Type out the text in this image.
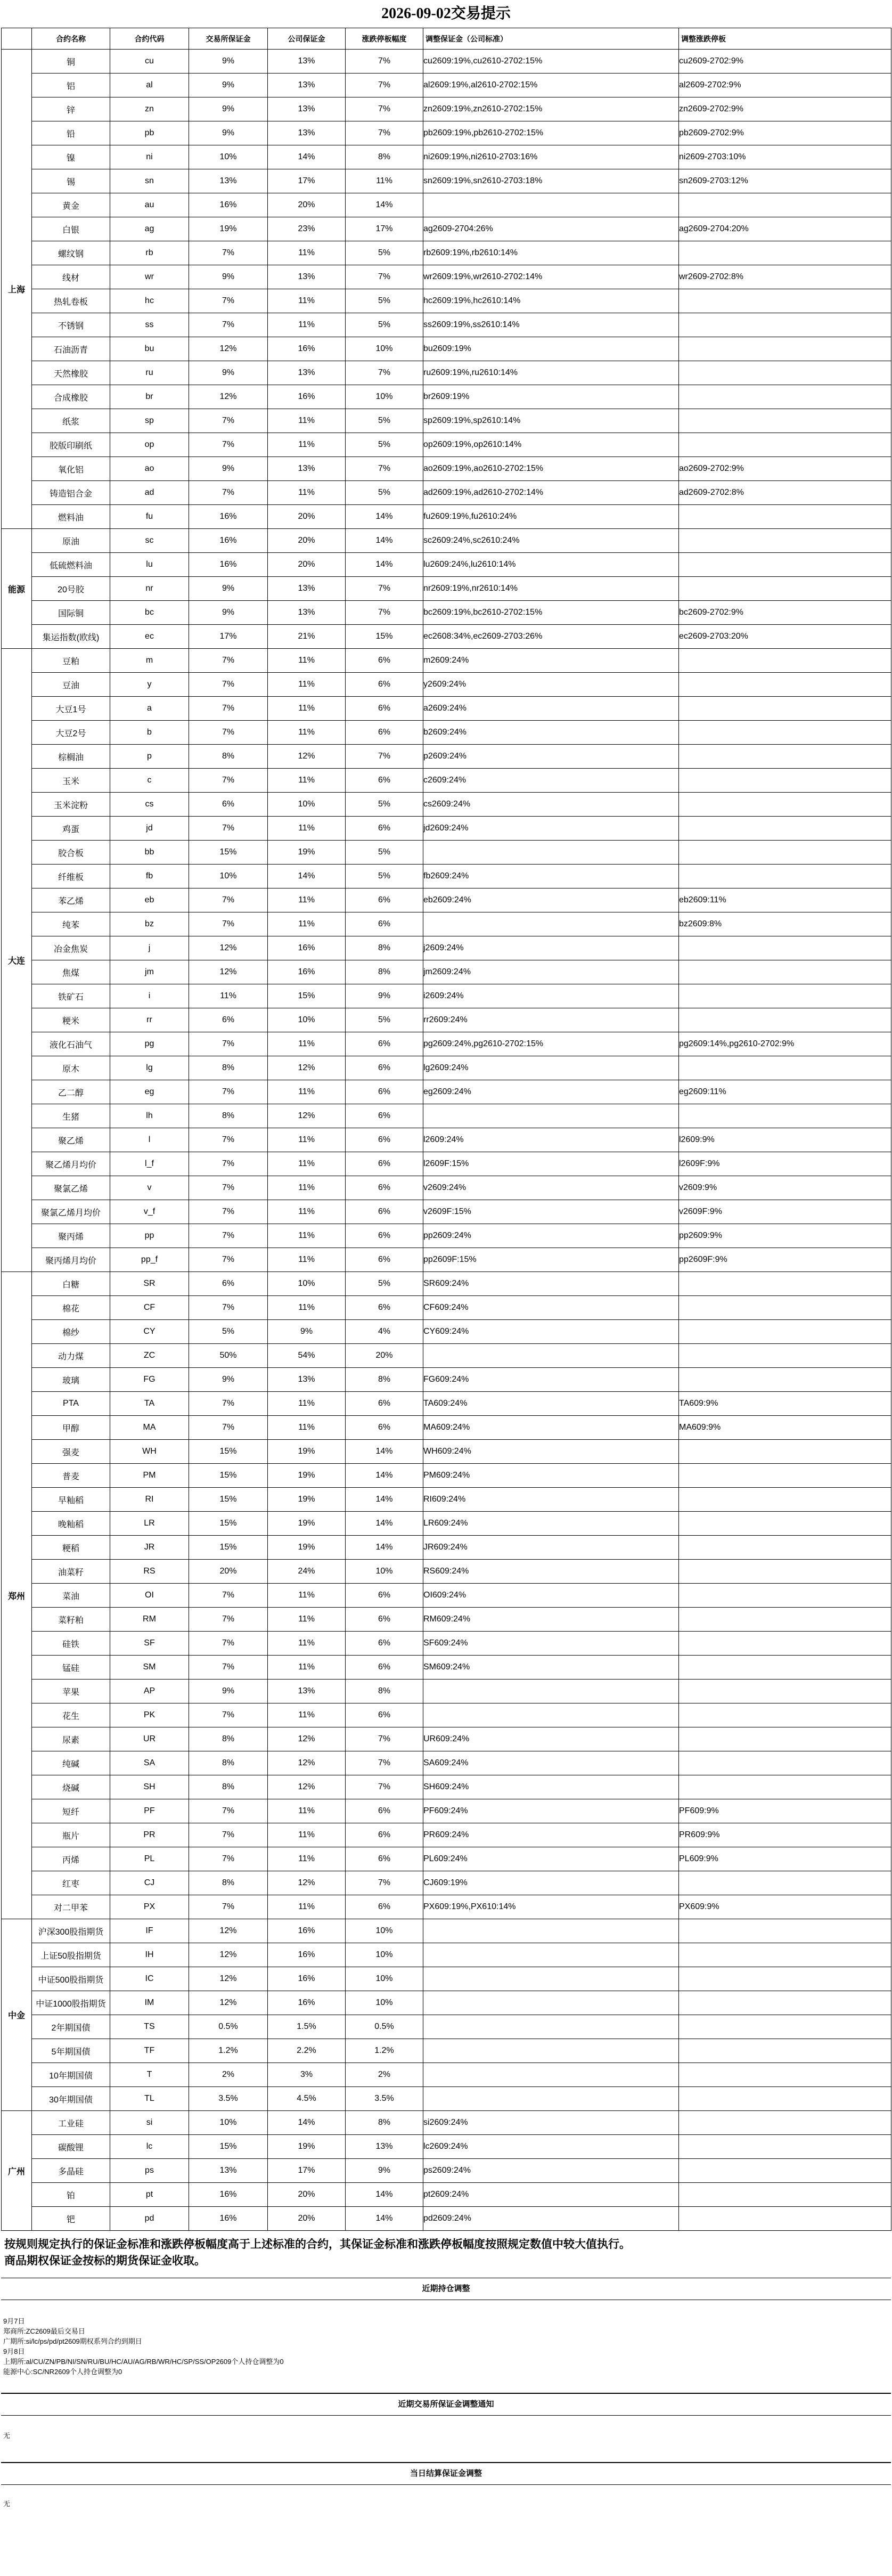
2026-09-02交易提示
	合约名称	合约代码	交易所保证金	公司保证金	涨跌停板幅度	调整保证金（公司标准）	调整涨跌停板
上海	铜	cu	9%	13%	7%	cu2609:19%,cu2610-2702:15%	cu2609-2702:9%
	铝	al	9%	13%	7%	al2609:19%,al2610-2702:15%	al2609-2702:9%
	锌	zn	9%	13%	7%	zn2609:19%,zn2610-2702:15%	zn2609-2702:9%
	铅	pb	9%	13%	7%	pb2609:19%,pb2610-2702:15%	pb2609-2702:9%
	镍	ni	10%	14%	8%	ni2609:19%,ni2610-2703:16%	ni2609-2703:10%
	锡	sn	13%	17%	11%	sn2609:19%,sn2610-2703:18%	sn2609-2703:12%
	黄金	au	16%	20%	14%		
	白银	ag	19%	23%	17%	ag2609-2704:26%	ag2609-2704:20%
	螺纹钢	rb	7%	11%	5%	rb2609:19%,rb2610:14%	
	线材	wr	9%	13%	7%	wr2609:19%,wr2610-2702:14%	wr2609-2702:8%
	热轧卷板	hc	7%	11%	5%	hc2609:19%,hc2610:14%	
	不锈钢	ss	7%	11%	5%	ss2609:19%,ss2610:14%	
	石油沥青	bu	12%	16%	10%	bu2609:19%	
	天然橡胶	ru	9%	13%	7%	ru2609:19%,ru2610:14%	
	合成橡胶	br	12%	16%	10%	br2609:19%	
	纸浆	sp	7%	11%	5%	sp2609:19%,sp2610:14%	
	胶版印刷纸	op	7%	11%	5%	op2609:19%,op2610:14%	
	氧化铝	ao	9%	13%	7%	ao2609:19%,ao2610-2702:15%	ao2609-2702:9%
	铸造铝合金	ad	7%	11%	5%	ad2609:19%,ad2610-2702:14%	ad2609-2702:8%
	燃料油	fu	16%	20%	14%	fu2609:19%,fu2610:24%	
能源	原油	sc	16%	20%	14%	sc2609:24%,sc2610:24%	
	低硫燃料油	lu	16%	20%	14%	lu2609:24%,lu2610:14%	
	20号胶	nr	9%	13%	7%	nr2609:19%,nr2610:14%	
	国际铜	bc	9%	13%	7%	bc2609:19%,bc2610-2702:15%	bc2609-2702:9%
	集运指数(欧线)	ec	17%	21%	15%	ec2608:34%,ec2609-2703:26%	ec2609-2703:20%
大连	豆粕	m	7%	11%	6%	m2609:24%	
	豆油	y	7%	11%	6%	y2609:24%	
	大豆1号	a	7%	11%	6%	a2609:24%	
	大豆2号	b	7%	11%	6%	b2609:24%	
	棕榈油	p	8%	12%	7%	p2609:24%	
	玉米	c	7%	11%	6%	c2609:24%	
	玉米淀粉	cs	6%	10%	5%	cs2609:24%	
	鸡蛋	jd	7%	11%	6%	jd2609:24%	
	胶合板	bb	15%	19%	5%		
	纤维板	fb	10%	14%	5%	fb2609:24%	
	苯乙烯	eb	7%	11%	6%	eb2609:24%	eb2609:11%
	纯苯	bz	7%	11%	6%		bz2609:8%
	冶金焦炭	j	12%	16%	8%	j2609:24%	
	焦煤	jm	12%	16%	8%	jm2609:24%	
	铁矿石	i	11%	15%	9%	i2609:24%	
	粳米	rr	6%	10%	5%	rr2609:24%	
	液化石油气	pg	7%	11%	6%	pg2609:24%,pg2610-2702:15%	pg2609:14%,pg2610-2702:9%
	原木	lg	8%	12%	6%	lg2609:24%	
	乙二醇	eg	7%	11%	6%	eg2609:24%	eg2609:11%
	生猪	lh	8%	12%	6%		
	聚乙烯	l	7%	11%	6%	l2609:24%	l2609:9%
	聚乙烯月均价	l_f	7%	11%	6%	l2609F:15%	l2609F:9%
	聚氯乙烯	v	7%	11%	6%	v2609:24%	v2609:9%
	聚氯乙烯月均价	v_f	7%	11%	6%	v2609F:15%	v2609F:9%
	聚丙烯	pp	7%	11%	6%	pp2609:24%	pp2609:9%
	聚丙烯月均价	pp_f	7%	11%	6%	pp2609F:15%	pp2609F:9%
郑州	白糖	SR	6%	10%	5%	SR609:24%	
	棉花	CF	7%	11%	6%	CF609:24%	
	棉纱	CY	5%	9%	4%	CY609:24%	
	动力煤	ZC	50%	54%	20%		
	玻璃	FG	9%	13%	8%	FG609:24%	
	PTA	TA	7%	11%	6%	TA609:24%	TA609:9%
	甲醇	MA	7%	11%	6%	MA609:24%	MA609:9%
	强麦	WH	15%	19%	14%	WH609:24%	
	普麦	PM	15%	19%	14%	PM609:24%	
	早籼稻	RI	15%	19%	14%	RI609:24%	
	晚籼稻	LR	15%	19%	14%	LR609:24%	
	粳稻	JR	15%	19%	14%	JR609:24%	
	油菜籽	RS	20%	24%	10%	RS609:24%	
	菜油	OI	7%	11%	6%	OI609:24%	
	菜籽粕	RM	7%	11%	6%	RM609:24%	
	硅铁	SF	7%	11%	6%	SF609:24%	
	锰硅	SM	7%	11%	6%	SM609:24%	
	苹果	AP	9%	13%	8%		
	花生	PK	7%	11%	6%		
	尿素	UR	8%	12%	7%	UR609:24%	
	纯碱	SA	8%	12%	7%	SA609:24%	
	烧碱	SH	8%	12%	7%	SH609:24%	
	短纤	PF	7%	11%	6%	PF609:24%	PF609:9%
	瓶片	PR	7%	11%	6%	PR609:24%	PR609:9%
	丙烯	PL	7%	11%	6%	PL609:24%	PL609:9%
	红枣	CJ	8%	12%	7%	CJ609:19%	
	对二甲苯	PX	7%	11%	6%	PX609:19%,PX610:14%	PX609:9%
中金	沪深300股指期货	IF	12%	16%	10%		
	上证50股指期货	IH	12%	16%	10%		
	中证500股指期货	IC	12%	16%	10%		
	中证1000股指期货	IM	12%	16%	10%		
	2年期国债	TS	0.5%	1.5%	0.5%		
	5年期国债	TF	1.2%	2.2%	1.2%		
	10年期国债	T	2%	3%	2%		
	30年期国债	TL	3.5%	4.5%	3.5%		
广州	工业硅	si	10%	14%	8%	si2609:24%	
	碳酸锂	lc	15%	19%	13%	lc2609:24%	
	多晶硅	ps	13%	17%	9%	ps2609:24%	
	铂	pt	16%	20%	14%	pt2609:24%	
	钯	pd	16%	20%	14%	pd2609:24%	
按规则规定执行的保证金标准和涨跌停板幅度高于上述标准的合约，其保证金标准和涨跌停板幅度按照规定数值中较大值执行。
商品期权保证金按标的期货保证金收取。
近期持仓调整
9月7日
郑商所:ZC2609最后交易日
广期所:si/lc/ps/pd/pt2609期权系列合约到期日
9月8日
上期所:al/CU/ZN/PB/NI/SN/RU/BU/HC/AU/AG/RB/WR/HC/SP/SS/OP2609个人持仓调整为0
能源中心:SC/NR2609个人持仓调整为0
近期交易所保证金调整通知
无
当日结算保证金调整
无
